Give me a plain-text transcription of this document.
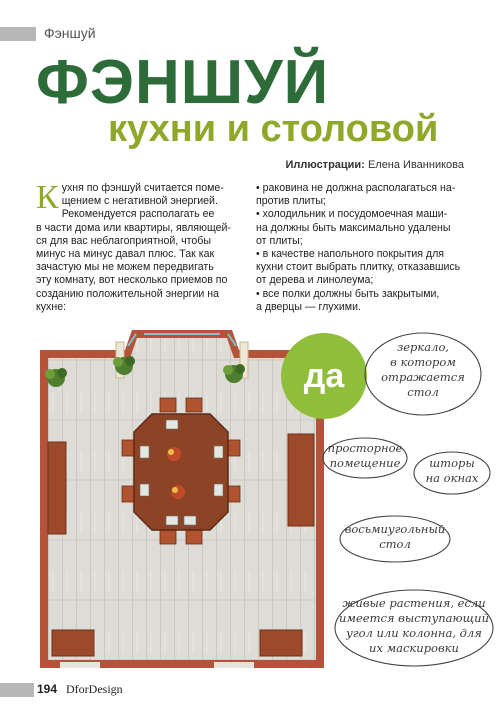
Фэншуй
ФЭНШУЙ
кухни и столовой
Иллюстрации: Елена Иванникова
К ухня по фэншуй считается поме-
щением с негативной энергией.
Рекомендуется располагать ее
в части дома или квартиры, являющей-
ся для вас неблагоприятной, чтобы
минус на минус давал плюс. Так как
зачастую мы не можем передвигать
эту комнату, вот несколько приемов по
созданию положительной энергии на
кухне:
• раковина не должна располагаться на-
против плиты;
• холодильник и посудомоечная маши-
на должны быть максимально удалены
от плиты;
• в качестве напольного покрытия для
кухни стоит выбрать плитку, отказавшись
от дерева и линолеума;
• все полки должны быть закрытыми,
а дверцы — глухими.
да
зеркало,
в котором
отражается
стол
просторное
помещение	шторы
на окнах
восьмиугольный
стол
живые растения, если
имеется выступающий
угол или колонна, для
их маскировки
194 DforDesign
